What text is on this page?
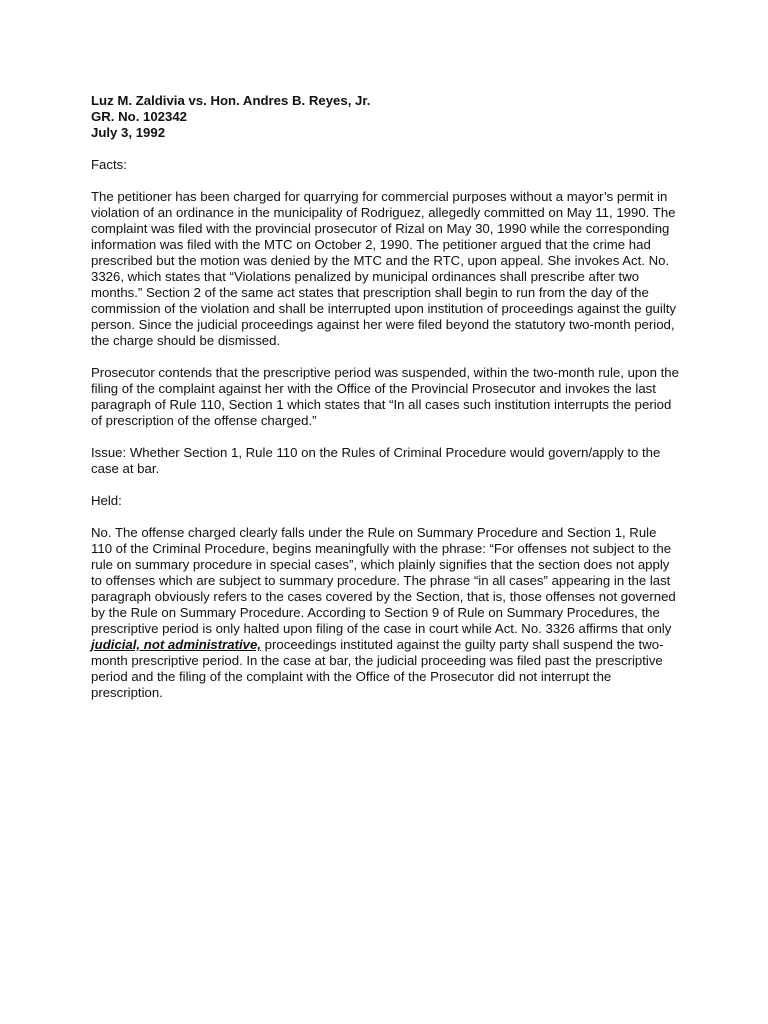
Luz M. Zaldivia vs. Hon. Andres B. Reyes, Jr.

GR. No. 102342

July 3, 1992

Facts:

The petitioner has been charged for quarrying for commercial purposes without a mayor’s permit in violation of an ordinance in the municipality of Rodriguez, allegedly committed on May 11, 1990. The complaint was filed with the provincial prosecutor of Rizal on May 30, 1990 while the corresponding information was filed with the MTC on October 2, 1990. The petitioner argued that the crime had prescribed but the motion was denied by the MTC and the RTC, upon appeal. She invokes Act. No. 3326, which states that “Violations penalized by municipal ordinances shall prescribe after two months.” Section 2 of the same act states that prescription shall begin to run from the day of the commission of the violation and shall be interrupted upon institution of proceedings against the guilty person. Since the judicial proceedings against her were filed beyond the statutory two-month period, the charge should be dismissed.

Prosecutor contends that the prescriptive period was suspended, within the two-month rule, upon the filing of the complaint against her with the Office of the Provincial Prosecutor and invokes the last paragraph of Rule 110, Section 1 which states that “In all cases such institution interrupts the period of prescription of the offense charged.”

Issue: Whether Section 1, Rule 110 on the Rules of Criminal Procedure would govern/apply to the case at bar.

Held:

No. The offense charged clearly falls under the Rule on Summary Procedure and Section 1, Rule 110 of the Criminal Procedure, begins meaningfully with the phrase: “For offenses not subject to the rule on summary procedure in special cases”, which plainly signifies that the section does not apply to offenses which are subject to summary procedure. The phrase “in all cases” appearing in the last paragraph obviously refers to the cases covered by the Section, that is, those offenses not governed by the Rule on Summary Procedure. According to Section 9 of Rule on Summary Procedures, the prescriptive period is only halted upon filing of the case in court while Act. No. 3326 affirms that only judicial, not administrative, proceedings instituted against the guilty party shall suspend the two-month prescriptive period. In the case at bar, the judicial proceeding was filed past the prescriptive period and the filing of the complaint with the Office of the Prosecutor did not interrupt the prescription.
